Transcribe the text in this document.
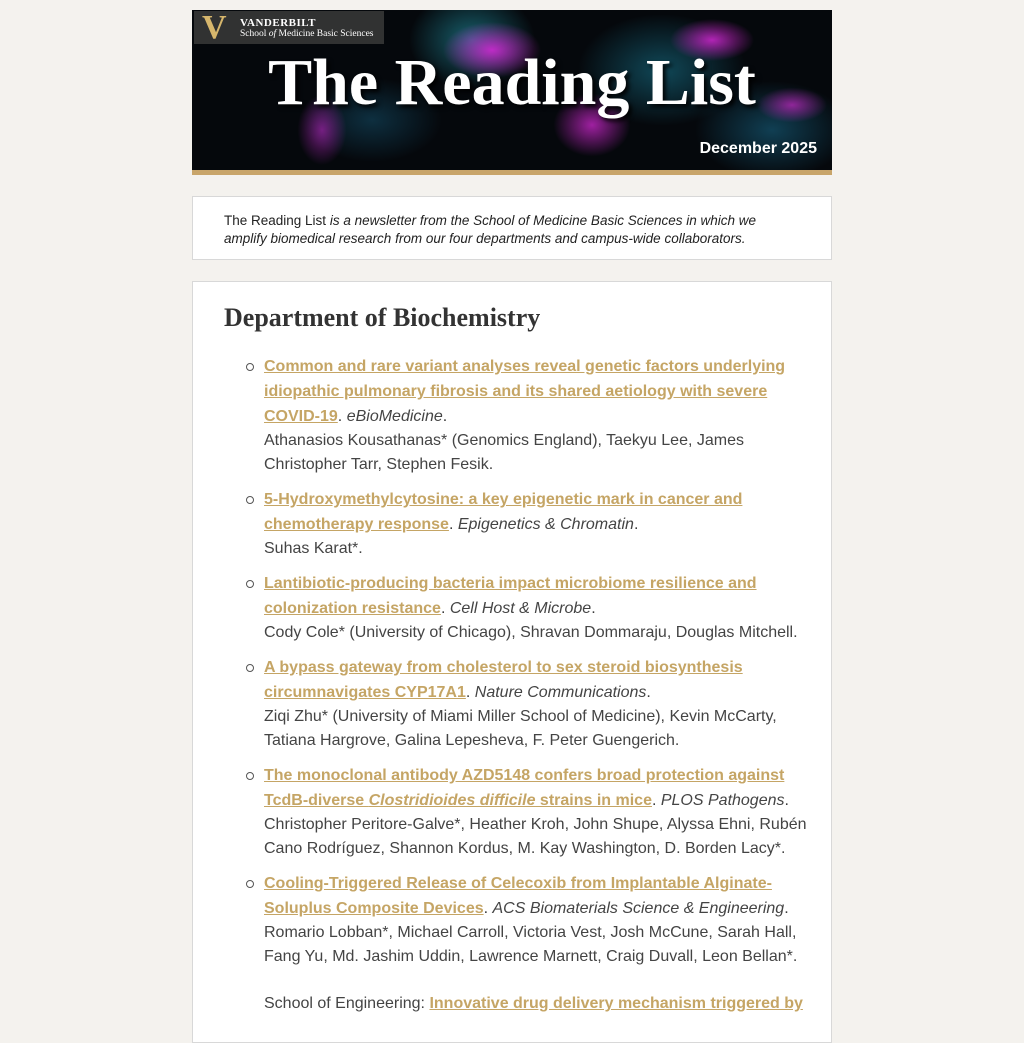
V	VANDERBILT
School of Medicine Basic Sciences
The Reading List
December 2025

The Reading List is a newsletter from the School of Medicine Basic Sciences in which we amplify biomedical research from our four departments and campus-wide collaborators.

Department of Biochemistry
Common and rare variant analyses reveal genetic factors underlying idiopathic pulmonary fibrosis and its shared aetiology with severe COVID-19. eBioMedicine.
Athanasios Kousathanas* (Genomics England), Taekyu Lee, James Christopher Tarr, Stephen Fesik.
5-Hydroxymethylcytosine: a key epigenetic mark in cancer and chemotherapy response. Epigenetics & Chromatin.
Suhas Karat*.
Lantibiotic-producing bacteria impact microbiome resilience and colonization resistance. Cell Host & Microbe.
Cody Cole* (University of Chicago), Shravan Dommaraju, Douglas Mitchell.
A bypass gateway from cholesterol to sex steroid biosynthesis circumnavigates CYP17A1. Nature Communications.
Ziqi Zhu* (University of Miami Miller School of Medicine), Kevin McCarty, Tatiana Hargrove, Galina Lepesheva, F. Peter Guengerich.
The monoclonal antibody AZD5148 confers broad protection against TcdB-diverse Clostridioides difficile strains in mice. PLOS Pathogens.
Christopher Peritore-Galve*, Heather Kroh, John Shupe, Alyssa Ehni, Rubén Cano Rodríguez, Shannon Kordus, M. Kay Washington, D. Borden Lacy*.
Cooling-Triggered Release of Celecoxib from Implantable Alginate-Soluplus Composite Devices. ACS Biomaterials Science & Engineering.
Romario Lobban*, Michael Carroll, Victoria Vest, Josh McCune, Sarah Hall, Fang Yu, Md. Jashim Uddin, Lawrence Marnett, Craig Duvall, Leon Bellan*.
School of Engineering: Innovative drug delivery mechanism triggered by
